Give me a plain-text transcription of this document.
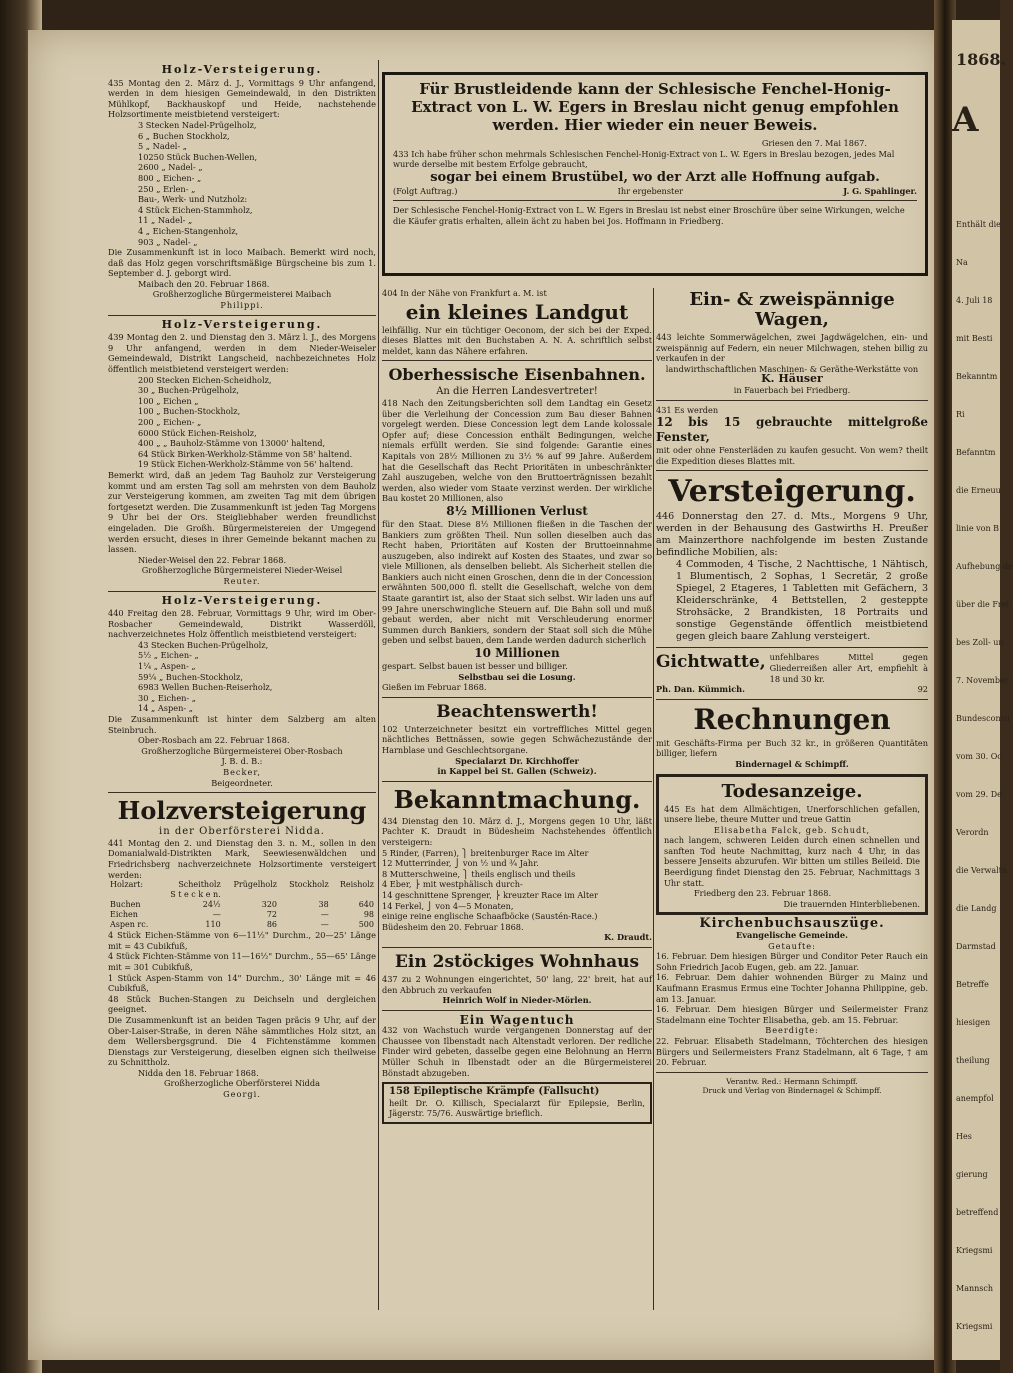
1868.
A
Enthält die
Na
4. Juli 18
mit Besti
Bekanntm
Ri
Befanntm
die Erneuu
linie von B
Aufhebung de
über die Frei
bes Zoll- un
7. November
Bundesconsu
vom 30. Oc
vom 29. De
Verordn
die Verwaltu
die Landg
Darmstad
Betreffe
hiesigen
theilung
anempfol
Hes
gierung
betreffend
Kriegsmi
Mannsch
Kriegsmi
Für Brustleidende kann der Schlesische Fenchel-Honig-Extract von L. W. Egers in Breslau nicht genug empfohlen werden. Hier wieder ein neuer Beweis.
Griesen den 7. Mai 1867.
433 Ich habe früher schon mehrmals Schlesischen Fenchel-Honig-Extract von L. W. Egers in Breslau bezogen, jedes Mal wurde derselbe mit bestem Erfolge gebraucht,
sogar bei einem Brustübel, wo der Arzt alle Hoffnung aufgab.
(Folgt Auftrag.)	Ihr ergebenster	J. G. Spahlinger.
Der Schlesische Fenchel-Honig-Extract von L. W. Egers in Breslau ist nebst einer Broschüre über seine Wirkungen, welche die Käufer gratis erhalten, allein ächt zu haben bei Jos. Hoffmann in Friedberg.
Holz-Versteigerung.
435 Montag den 2. März d. J., Vormittags 9 Uhr anfangend, werden in dem hiesigen Gemeindewald, in den Distrikten Mühlkopf, Backhauskopf und Heide, nachstehende Holzsortimente meistbietend versteigert:
3 Stecken Nadel-Prügelholz,
6 „ Buchen Stockholz,
5 „ Nadel- „
10250 Stück Buchen-Wellen,
2600 „ Nadel- „
800 „ Eichen- „
250 „ Erlen- „
Bau-, Werk- und Nutzholz:
4 Stück Eichen-Stammholz,
11 „ Nadel- „
4 „ Eichen-Stangenholz,
903 „ Nadel- „
Die Zusammenkunft ist in loco Maibach. Bemerkt wird noch, daß das Holz gegen vorschriftsmäßige Bürgscheine bis zum 1. September d. J. geborgt wird.
Maibach den 20. Februar 1868.
Großherzogliche Bürgermeisterei Maibach
Philippi.
Holz-Versteigerung.
439 Montag den 2. und Dienstag den 3. März l. J., des Morgens 9 Uhr anfangend, werden in dem Nieder-Weiseler Gemeindewald, Distrikt Langscheid, nachbezeichnetes Holz öffentlich meistbietend versteigert werden:
200 Stecken Eichen-Scheidholz,
30 „ Buchen-Prügelholz,
100 „ Eichen „
100 „ Buchen-Stockholz,
200 „ Eichen- „
6000 Stück Eichen-Reisholz,
400 „ „ Bauholz-Stämme von 13000' haltend,
64 Stück Birken-Werkholz-Stämme von 58' haltend.
19 Stück Eichen-Werkholz-Stämme von 56' haltend.
Bemerkt wird, daß an jedem Tag Bauholz zur Versteigerung kommt und am ersten Tag soll am mehrsten von dem Bauholz zur Versteigerung kommen, am zweiten Tag mit dem übrigen fortgesetzt werden. Die Zusammenkunft ist jeden Tag Morgens 9 Uhr bei der Ors. Steigliebhaber werden freundlichst eingeladen. Die Großh. Bürgermeistereien der Umgegend werden ersucht, dieses in ihrer Gemeinde bekannt machen zu lassen.
Nieder-Weisel den 22. Febrar 1868.
Großherzogliche Bürgermeisterei Nieder-Weisel
Reuter.
Holz-Versteigerung.
440 Freitag den 28. Februar, Vormittags 9 Uhr, wird im Ober-Rosbacher Gemeindewald, Distrikt Wasserdöll, nachverzeichnetes Holz öffentlich meistbietend versteigert:
43 Stecken Buchen-Prügelholz,
5½ „ Eichen- „
1¼ „ Aspen- „
59¼ „ Buchen-Stockholz,
6983 Wellen Buchen-Reiserholz,
30 „ Eichen- „
14 „ Aspen- „
Die Zusammenkunft ist hinter dem Salzberg am alten Steinbruch.
Ober-Rosbach am 22. Februar 1868.
Großherzogliche Bürgermeisterei Ober-Rosbach
J. B. d. B.:
Becker,
Beigeordneter.
Holzversteigerung
in der Oberförsterei Nidda.
441 Montag den 2. und Dienstag den 3. n. M., sollen in den Domanialwald-Distrikten Mark, Seewiesenwäldchen und Friedrichsberg nachverzeichnete Holzsortimente versteigert werden:
Holzart:	Scheitholz	Prügelholz	Stockholz	Reisholz
	S t e c k e n.			
Buchen	24½	320	38	640
Eichen	—	72	—	98
Aspen rc.	110	86	—	500
4 Stück Eichen-Stämme von 6—11½" Durchm., 20—25' Länge mit = 43 Cubikfuß,
4 Stück Fichten-Stämme von 11—16½" Durchm., 55—65' Länge mit = 301 Cubikfuß,
1 Stück Aspen-Stamm von 14" Durchm., 30' Länge mit = 46 Cubikfuß,
48 Stück Buchen-Stangen zu Deichseln und dergleichen geeignet.
Die Zusammenkunft ist an beiden Tagen präcis 9 Uhr, auf der Ober-Laiser-Straße, in deren Nähe sämmtliches Holz sitzt, an dem Wellersbergsgrund. Die 4 Fichtenstämme kommen Dienstags zur Versteigerung, dieselben eignen sich theilweise zu Schnittholz.
Nidda den 18. Februar 1868.
Großherzogliche Oberförsterei Nidda
Georgi.
404 In der Nähe von Frankfurt a. M. ist
ein kleines Landgut
leihfällig. Nur ein tüchtiger Oeconom, der sich bei der Exped. dieses Blattes mit den Buchstaben A. N. A. schriftlich selbst meldet, kann das Nähere erfahren.
Oberhessische Eisenbahnen.
An die Herren Landesvertreter!
418 Nach den Zeitungsberichten soll dem Landtag ein Gesetz über die Verleihung der Concession zum Bau dieser Bahnen vorgelegt werden. Diese Concession legt dem Lande kolossale Opfer auf; diese Concession enthält Bedingungen, welche niemals erfüllt werden. Sie sind folgende: Garantie eines Kapitals von 28½ Millionen zu 3½ % auf 99 Jahre. Außerdem hat die Gesellschaft das Recht Prioritäten in unbeschränkter Zahl auszugeben, welche von den Bruttoerträgnissen bezahlt werden, also wieder vom Staate verzinst werden. Der wirkliche Bau kostet 20 Millionen, also
8½ Millionen Verlust
für den Staat. Diese 8½ Millionen fließen in die Taschen der Bankiers zum größten Theil. Nun sollen dieselben auch das Recht haben, Prioritäten auf Kosten der Bruttoeinnahme auszugeben, also indirekt auf Kosten des Staates, und zwar so viele Millionen, als denselben beliebt. Als Sicherheit stellen die Bankiers auch nicht einen Groschen, denn die in der Concession erwähnten 500,000 fl. stellt die Gesellschaft, welche von dem Staate garantirt ist, also der Staat sich selbst. Wir laden uns auf 99 Jahre unerschwingliche Steuern auf. Die Bahn soll und muß gebaut werden, aber nicht mit Verschleuderung enormer Summen durch Bankiers, sondern der Staat soll sich die Mühe geben und selbst bauen, dem Lande werden dadurch sicherlich
10 Millionen
gespart. Selbst bauen ist besser und billiger.
Selbstbau sei die Losung.
Gießen im Februar 1868.
Beachtenswerth!
102 Unterzeichneter besitzt ein vortreffliches Mittel gegen nächtliches Bettnässen, sowie gegen Schwächezustände der Harnblase und Geschlechtsorgane.
Specialarzt Dr. Kirchhoffer
in Kappel bei St. Gallen (Schweiz).
Bekanntmachung.
434 Dienstag den 10. März d. J., Morgens gegen 10 Uhr, läßt Pachter K. Draudt in Büdesheim Nachstehendes öffentlich versteigern:
5 Rinder, (Farren), ⎫ breitenburger Race im Alter
12 Mutterrinder, ⎭ von ½ und ¾ Jahr.
8 Mutterschweine, ⎫ theils englisch und theils
4 Eber, ⎬ mit westphälisch durch-
14 geschnittene Sprenger, ⎬ kreuzter Race im Alter
14 Ferkel, ⎭ von 4—5 Monaten,
einige reine englische Schaafböcke (Saustén-Race.)
Büdesheim den 20. Februar 1868.
K. Draudt.
Ein 2stöckiges Wohnhaus
437 zu 2 Wohnungen eingerichtet, 50' lang, 22' breit, hat auf den Abbruch zu verkaufen
Heinrich Wolf in Nieder-Mörlen.
Ein Wagentuch
432 von Wachstuch wurde vergangenen Donnerstag auf der Chaussee von Ilbenstadt nach Altenstadt verloren. Der redliche Finder wird gebeten, dasselbe gegen eine Belohnung an Herrn Müller Schuh in Ilbenstadt oder an die Bürgermeisterei Bönstadt abzugeben.
158 Epileptische Krämpfe (Fallsucht)
heilt Dr. O. Killisch, Specialarzt für Epilepsie, Berlin, Jägerstr. 75/76. Auswärtige brieflich.
Ein- & zweispännige Wagen,
443 leichte Sommerwägelchen, zwei Jagdwägelchen, ein- und zweispännig auf Federn, ein neuer Milchwagen, stehen billig zu verkaufen in der
landwirthschaftlichen Maschinen- & Geräthe-Werkstätte von
K. Häuser
in Fauerbach bei Friedberg.
431 Es werden
12 bis 15 gebrauchte mittelgroße Fenster,
mit oder ohne Fensterläden zu kaufen gesucht. Von wem? theilt die Expedition dieses Blattes mit.
Versteigerung.
446 Donnerstag den 27. d. Mts., Morgens 9 Uhr, werden in der Behausung des Gastwirths H. Preußer am Mainzerthore nachfolgende im besten Zustande befindliche Mobilien, als:
4 Commoden, 4 Tische, 2 Nachttische, 1 Nähtisch, 1 Blumentisch, 2 Sophas, 1 Secretär, 2 große Spiegel, 2 Etageres, 1 Tabletten mit Gefächern, 3 Kleiderschränke, 4 Bettstellen, 2 gesteppte Strohsäcke, 2 Brandkisten, 18 Portraits und sonstige Gegenstände öffentlich meistbietend gegen gleich baare Zahlung versteigert.
Gichtwatte, unfehlbares Mittel gegen Gliederreißen aller Art, empfiehlt à 18 und 30 kr.
Ph. Dan. Kümmich.	92
Rechnungen
mit Geschäfts-Firma per Buch 32 kr., in größeren Quantitäten billiger, liefern
Bindernagel & Schimpff.
Todesanzeige.
445 Es hat dem Allmächtigen, Unerforschlichen gefallen, unsere liebe, theure Mutter und treue Gattin
Elisabetha Falck, geb. Schudt,
nach langem, schweren Leiden durch einen schnellen und sanften Tod heute Nachmittag, kurz nach 4 Uhr, in das bessere Jenseits abzurufen. Wir bitten um stilles Beileid. Die Beerdigung findet Dienstag den 25. Februar, Nachmittags 3 Uhr statt.
Friedberg den 23. Februar 1868.
Die trauernden Hinterbliebenen.
Kirchenbuchsauszüge.
Evangelische Gemeinde.
Getaufte:
16. Februar. Dem hiesigen Bürger und Conditor Peter Rauch ein Sohn Friedrich Jacob Eugen, geb. am 22. Januar.
16. Februar. Dem dahier wohnenden Bürger zu Mainz und Kaufmann Erasmus Ermus eine Tochter Johanna Philippine, geb. am 13. Januar.
16. Februar. Dem hiesigen Bürger und Seilermeister Franz Stadelmann eine Tochter Elisabetha, geb. am 15. Februar.
Beerdigte:
22. Februar. Elisabeth Stadelmann, Töchterchen des hiesigen Bürgers und Seilermeisters Franz Stadelmann, alt 6 Tage, † am 20. Februar.
Verantw. Red.: Hermann Schimpff.
Druck und Verlag von Bindernagel & Schimpff.
